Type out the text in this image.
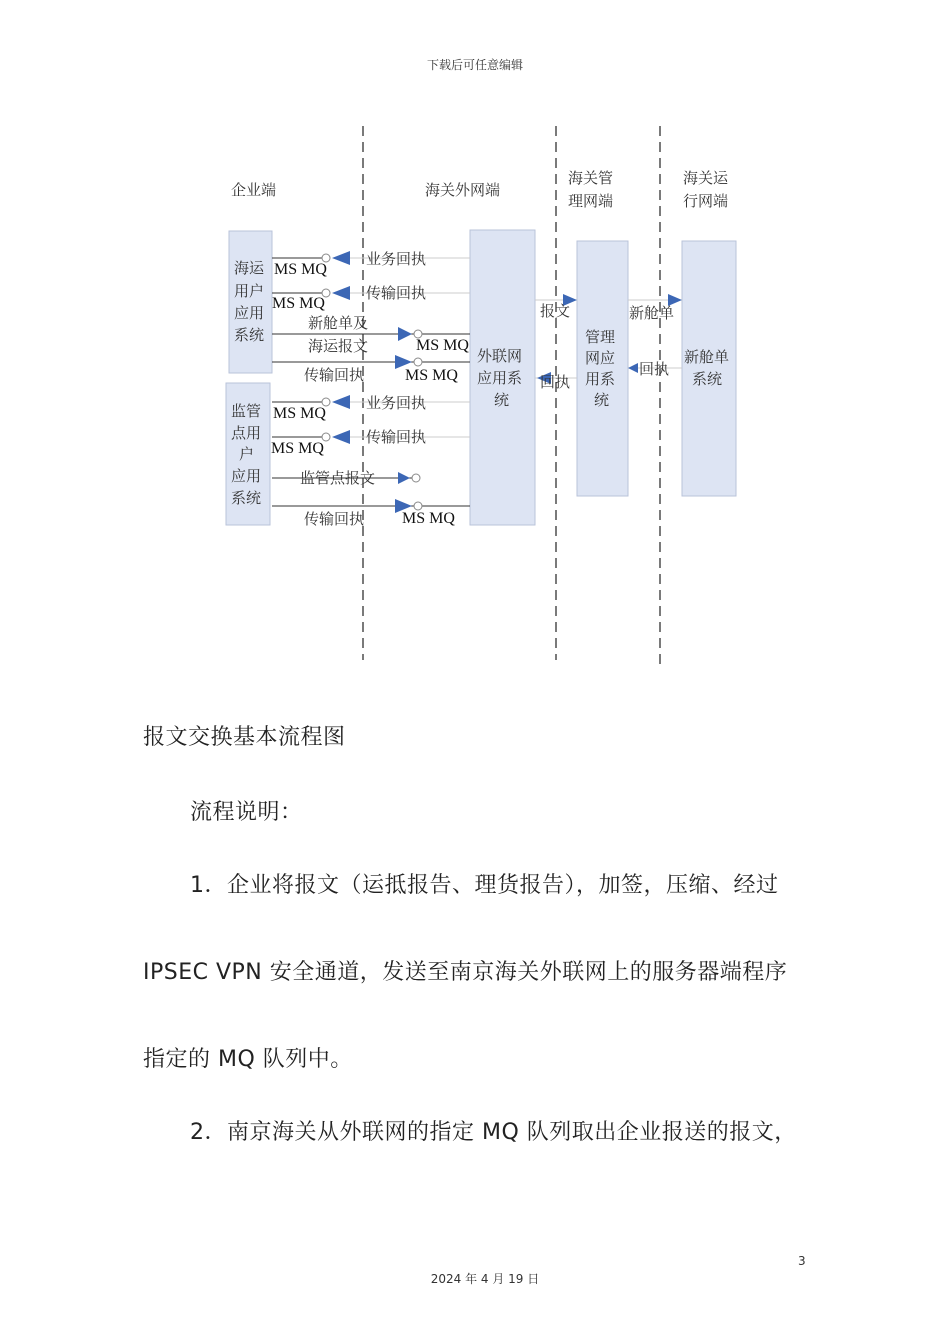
下载后可任意编辑
企业端	海关外网端
海关管
理网端
海关运
行网端
海运
用户
应用
系统
监管
点用
户
应用
系统
外联网
应用系
统
管理
网应
用系
统
新舱单
系统
业务回执
传输回执
新舱单及
海运报文
传输回执
业务回执
传输回执
监管点报文
传输回执
报文
回执
新舱单
回执
MS MQ
MS MQ
MS MQ
MS MQ
MS MQ
MS MQ
MS MQ
报文交换基本流程图
流程说明：
1．企业将报文（运抵报告、理货报告），加签，压缩、经过
IPSEC VPN 安全通道，发送至南京海关外联网上的服务器端程序
指定的 MQ 队列中。
2．南京海关从外联网的指定 MQ 队列取出企业报送的报文，
3
2024 年 4 月 19 日
